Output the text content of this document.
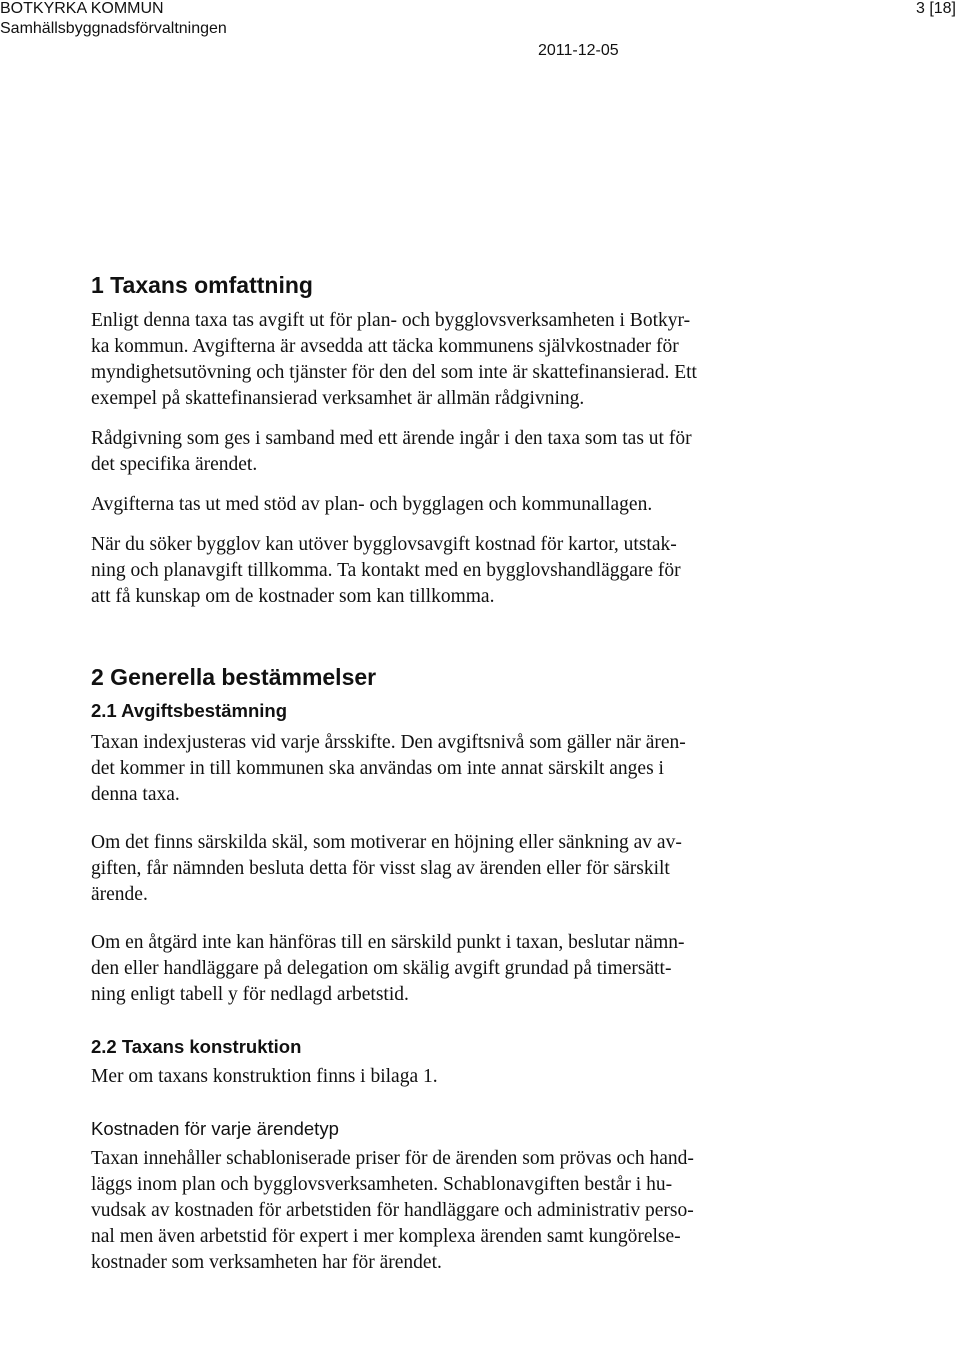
BOTKYRKA KOMMUN
Samhällsbyggnadsförvaltningen
3 [18]
2011-12-05
1 Taxans omfattning

Enligt denna taxa tas avgift ut för plan- och bygglovsverksamheten i Botkyr-
ka kommun. Avgifterna är avsedda att täcka kommunens självkostnader för
myndighetsutövning och tjänster för den del som inte är skattefinansierad. Ett
exempel på skattefinansierad verksamhet är allmän rådgivning.

Rådgivning som ges i samband med ett ärende ingår i den taxa som tas ut för
det specifika ärendet.

Avgifterna tas ut med stöd av plan- och bygglagen och kommunallagen.

När du söker bygglov kan utöver bygglovsavgift kostnad för kartor, utstak-
ning och planavgift tillkomma. Ta kontakt med en bygglovshandläggare för
att få kunskap om de kostnader som kan tillkomma.

2 Generella bestämmelser
2.1 Avgiftsbestämning

Taxan indexjusteras vid varje årsskifte. Den avgiftsnivå som gäller när ären-
det kommer in till kommunen ska användas om inte annat särskilt anges i
denna taxa.

Om det finns särskilda skäl, som motiverar en höjning eller sänkning av av-
giften, får nämnden besluta detta för visst slag av ärenden eller för särskilt
ärende.

Om en åtgärd inte kan hänföras till en särskild punkt i taxan, beslutar nämn-
den eller handläggare på delegation om skälig avgift grundad på timersätt-
ning enligt tabell y för nedlagd arbetstid.

2.2 Taxans konstruktion

Mer om taxans konstruktion finns i bilaga 1.

Kostnaden för varje ärendetyp

Taxan innehåller schabloniserade priser för de ärenden som prövas och hand-
läggs inom plan och bygglovsverksamheten. Schablonavgiften består i hu-
vudsak av kostnaden för arbetstiden för handläggare och administrativ perso-
nal men även arbetstid för expert i mer komplexa ärenden samt kungörelse-
kostnader som verksamheten har för ärendet.
